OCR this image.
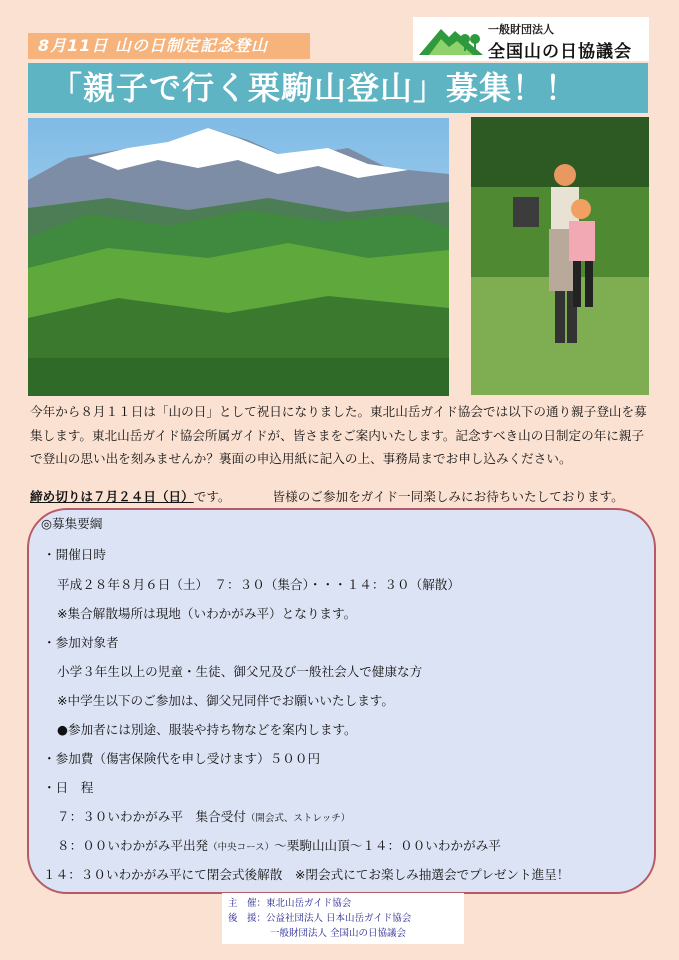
8月11日 山の日制定記念登山
一般財団法人
全国山の日協議会
「親子で行く栗駒山登山」募集！！

今年から８月１１日は「山の日」として祝日になりました。東北山岳ガイド協会では以下の通り親子登山を募集します。東北山岳ガイド協会所属ガイドが、皆さまをご案内いたします。記念すべき山の日制定の年に親子で登山の思い出を刻みませんか？裏面の申込用紙に記入の上、事務局までお申し込みください。

締め切りは７月２４日（日）です。	皆様のご参加をガイド一同楽しみにお待ちいたしております。
◎募集要綱
・開催日時
平成２８年８月６日（土）　７：３０（集合）・・・１４：３０（解散）
※集合解散場所は現地（いわかがみ平）となります。
・参加対象者
小学３年生以上の児童・生徒、御父兄及び一般社会人で健康な方
※中学生以下のご参加は、御父兄同伴でお願いいたします。
●参加者には別途、服装や持ち物などを案内します。
・参加費（傷害保険代を申し受けます）５００円
・日　程
７：３０いわかがみ平　集合受付（開会式、ストレッチ）
８：００いわかがみ平出発（中央コース）〜栗駒山山頂〜１４：００いわかがみ平
１４：３０いわかがみ平にて閉会式後解散　※閉会式にてお楽しみ抽選会でプレゼント進呈！
主　催：東北山岳ガイド協会
後　援：公益社団法人 日本山岳ガイド協会
一般財団法人 全国山の日協議会
